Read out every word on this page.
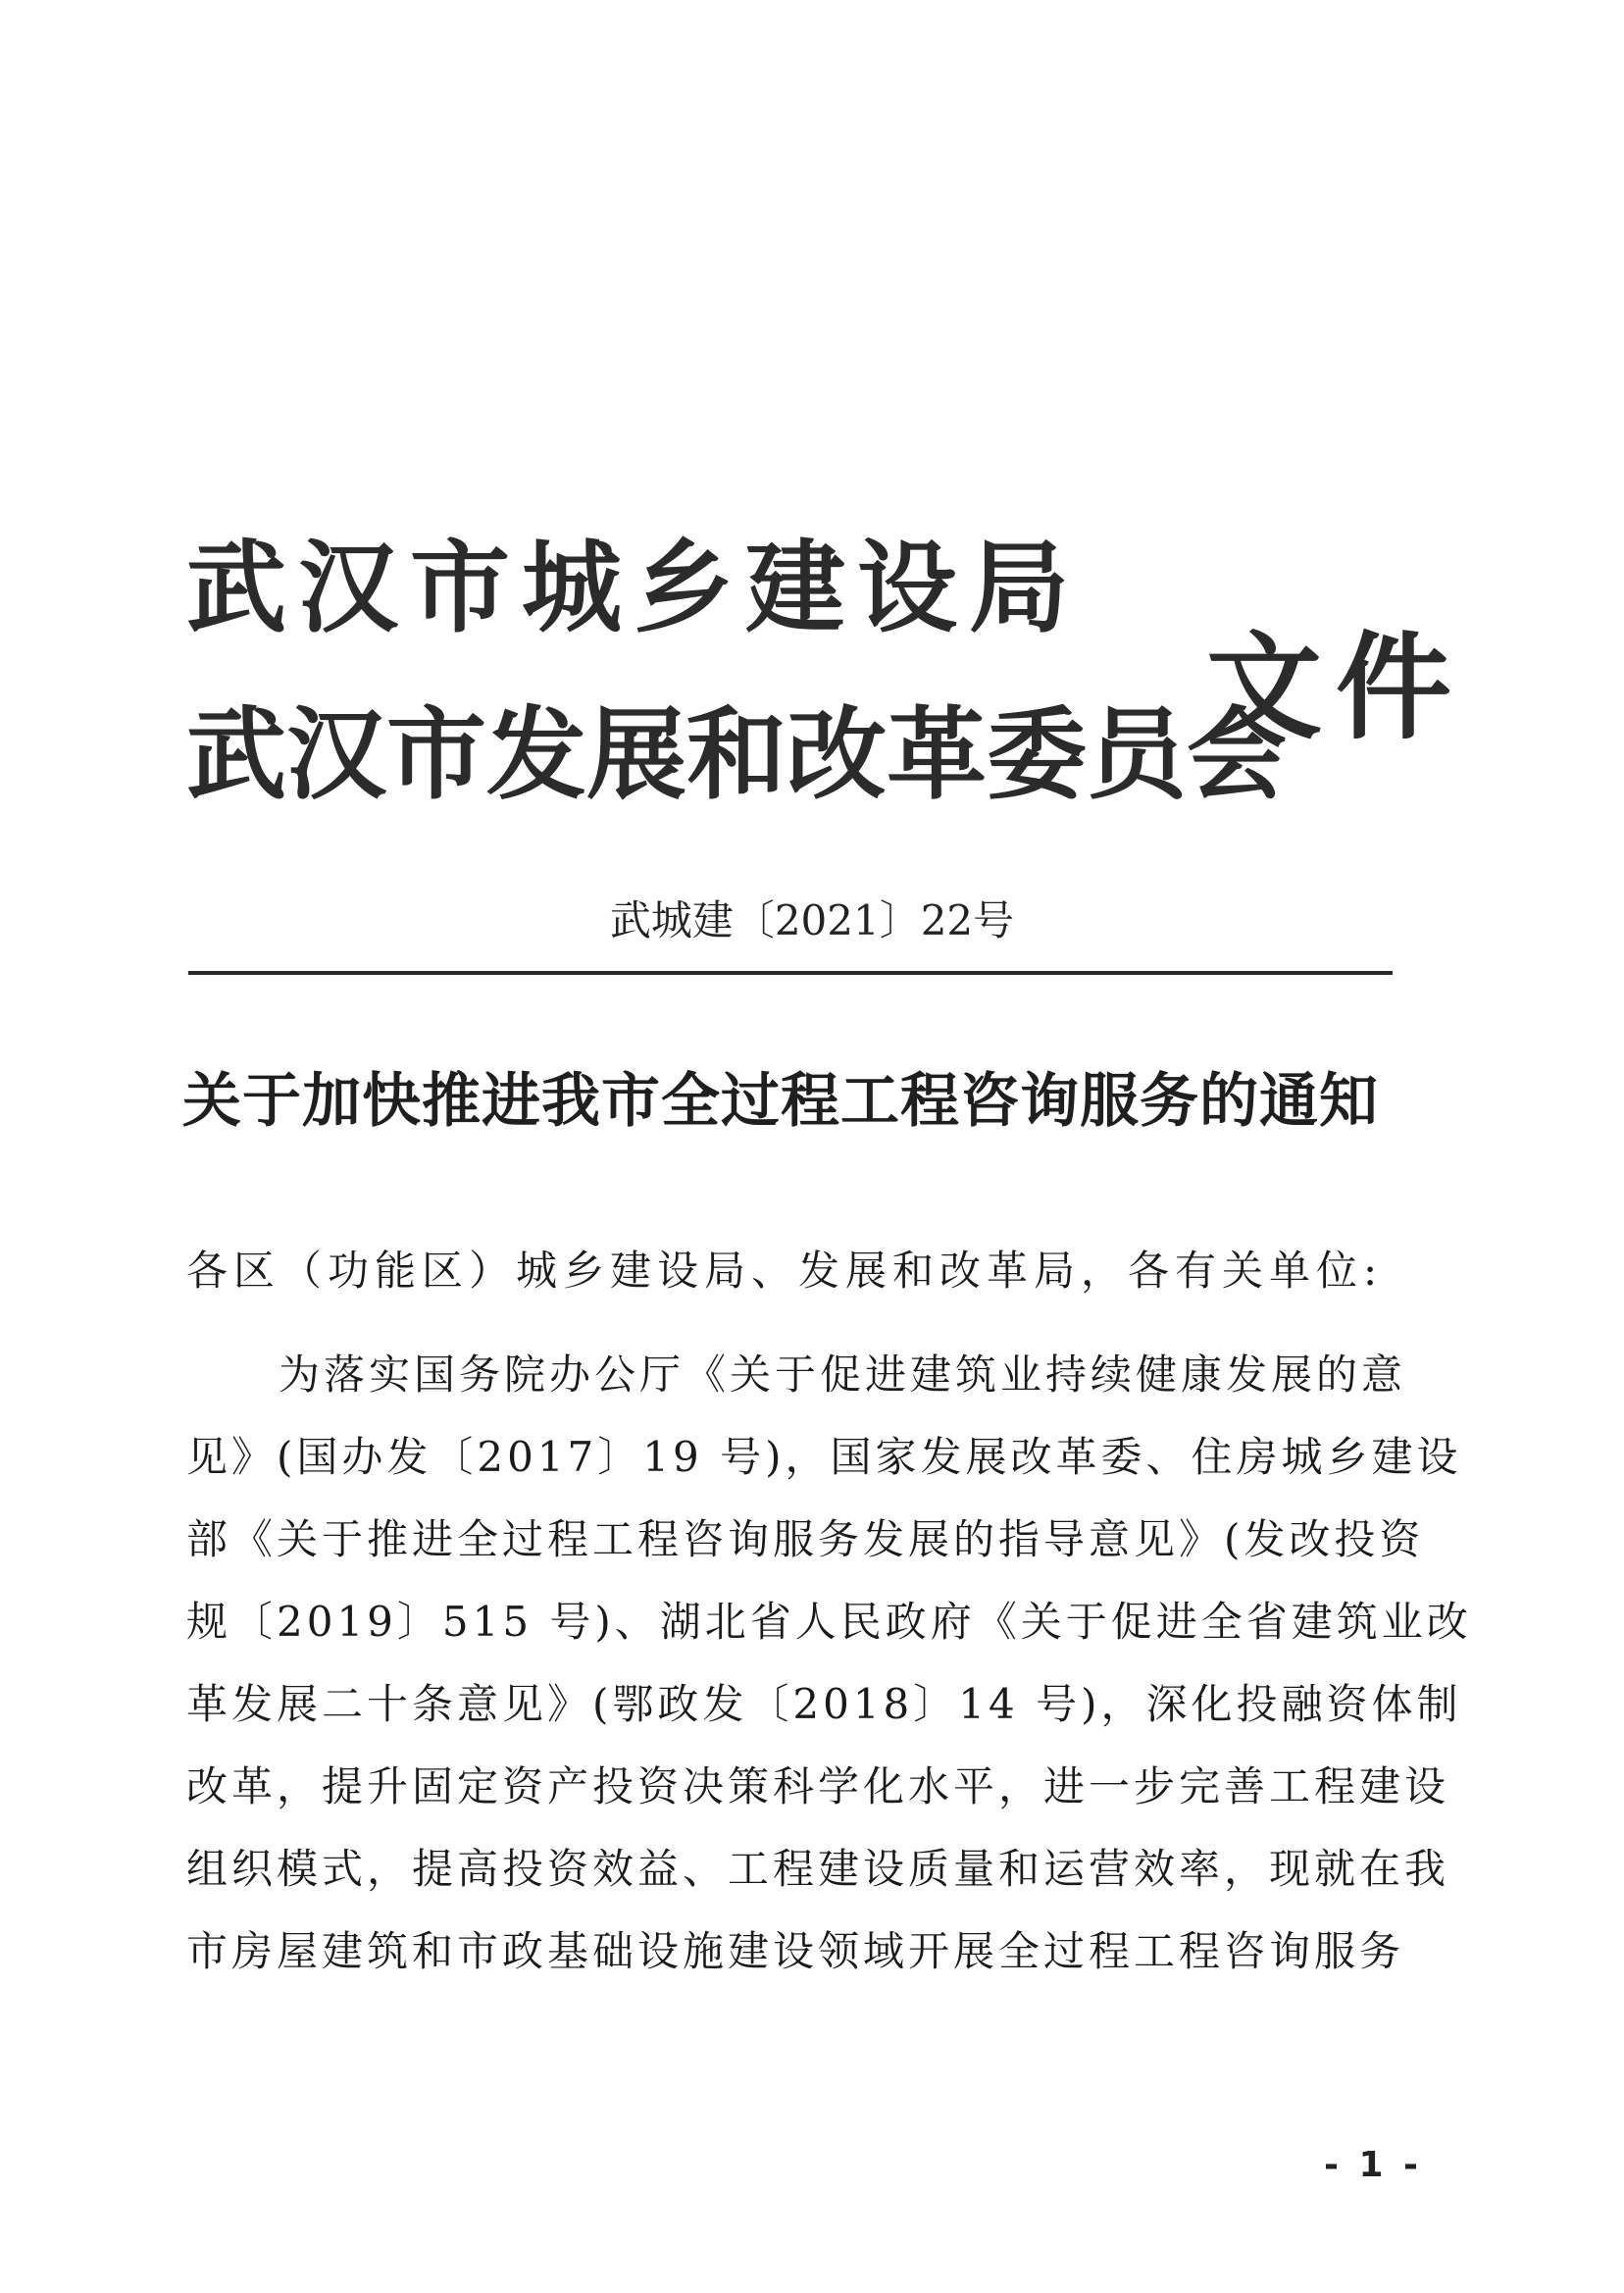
武汉市城乡建设局
武汉市发展和改革委员会
文件
武城建〔2021〕22号
关于加快推进我市全过程工程咨询服务的通知
各区（功能区）城乡建设局、发展和改革局，各有关单位:
为落实国务院办公厅《关于促进建筑业持续健康发展的意
见》(国办发〔2017〕19 号)，国家发展改革委、住房城乡建设
部《关于推进全过程工程咨询服务发展的指导意见》(发改投资
规〔2019〕515 号)、湖北省人民政府《关于促进全省建筑业改
革发展二十条意见》(鄂政发〔2018〕14 号)，深化投融资体制
改革，提升固定资产投资决策科学化水平，进一步完善工程建设
组织模式，提高投资效益、工程建设质量和运营效率，现就在我
市房屋建筑和市政基础设施建设领域开展全过程工程咨询服务
- 1 -
